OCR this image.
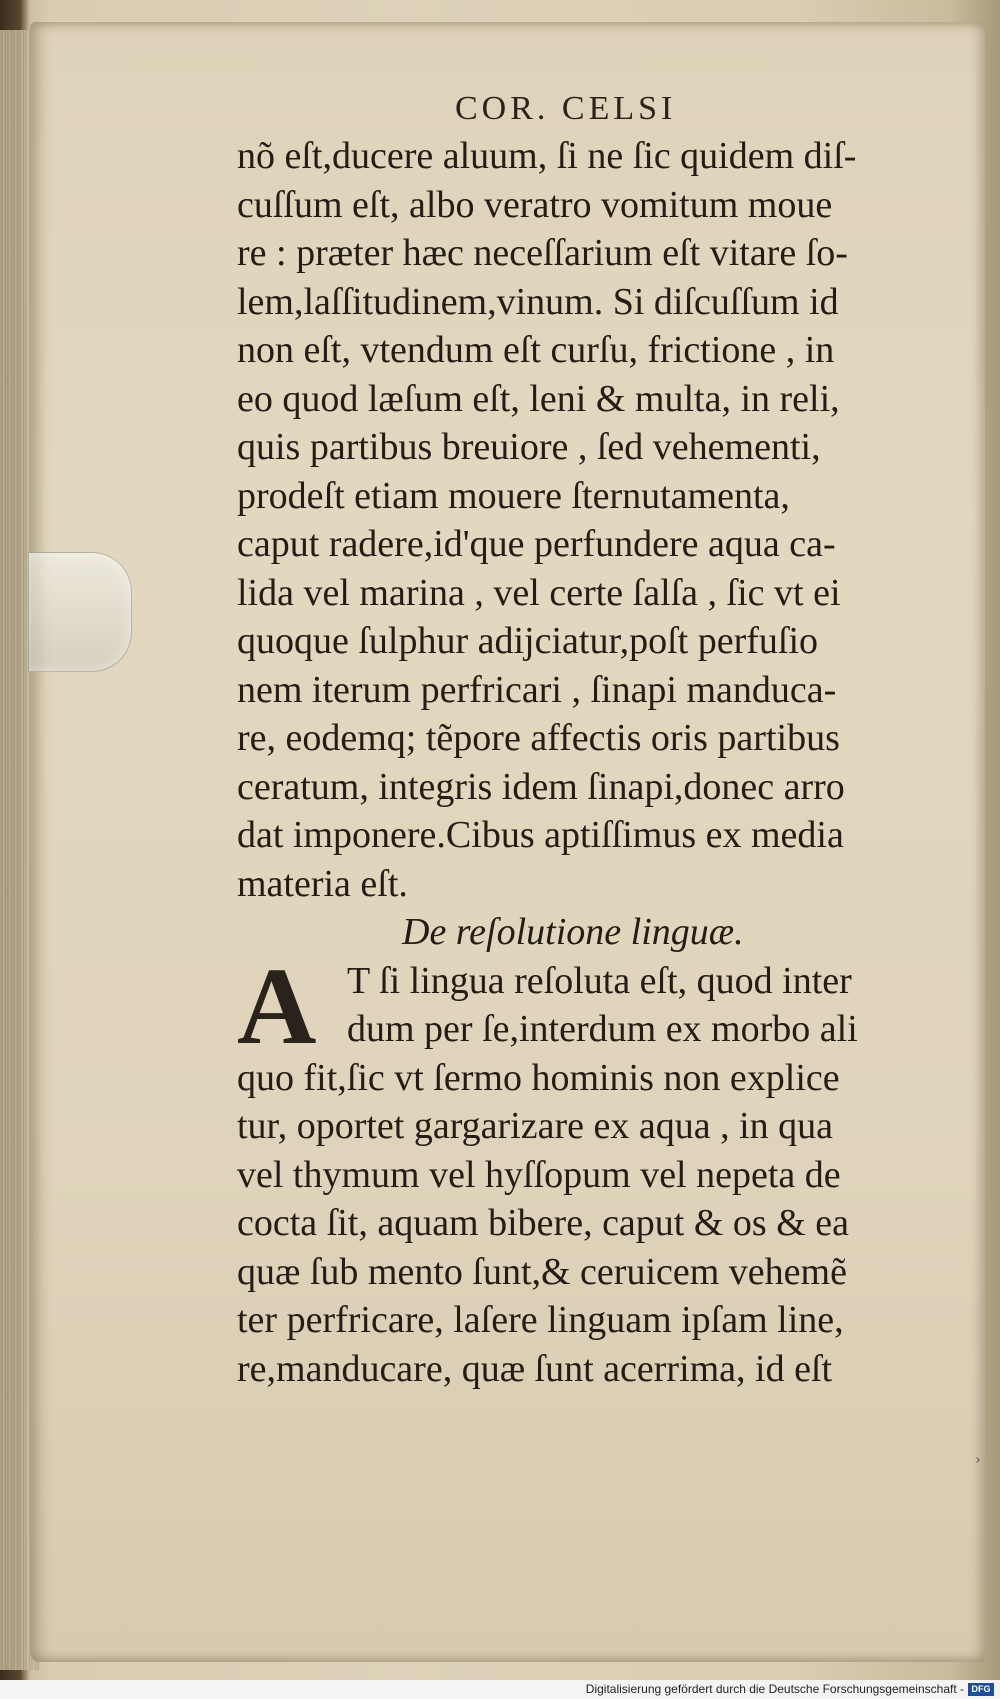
COR. CELSI
nõ eſt,ducere aluum, ſi ne ſic quidem diſ-
cuſſum eſt, albo veratro vomitum moue
re : præter hæc neceſſarium eſt vitare ſo-
lem,laſſitudinem,vinum. Si diſcuſſum id
non eſt, vtendum eſt curſu, frictione , in
eo quod læſum eſt, leni & multa, in reli,
quis partibus breuiore , ſed vehementi,
prodeſt etiam mouere ſternutamenta,
caput radere,id'que perfundere aqua ca-
lida vel marina , vel certe ſalſa , ſic vt ei
quoque ſulphur adijciatur,poſt perfuſio
nem iterum perfricari , ſinapi manduca-
re, eodemq; tẽpore affectis oris partibus
ceratum, integris idem ſinapi,donec arro
dat imponere.Cibus aptiſſimus ex media
materia eſt.
De reſolutione linguæ.
A T ſi lingua reſoluta eſt, quod inter
dum per ſe,interdum ex morbo ali
quo fit,ſic vt ſermo hominis non explice
tur, oportet gargarizare ex aqua , in qua
vel thymum vel hyſſopum vel nepeta de
cocta ſit, aquam bibere, caput & os & ea
quæ ſub mento ſunt,& ceruicem vehemẽ
ter perfricare, laſere linguam ipſam line,
re,manducare, quæ ſunt acerrima, id eſt
›
Digitalisierung gefördert durch die Deutsche Forschungsgemeinschaft - DFG
